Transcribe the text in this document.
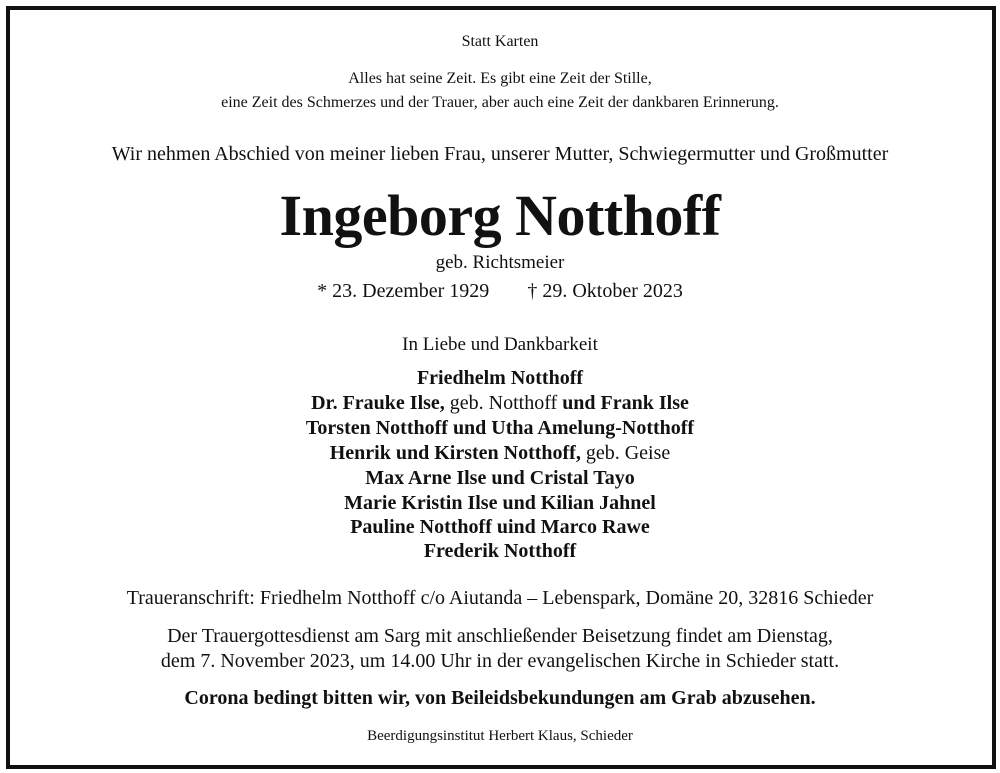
Statt Karten

Alles hat seine Zeit. Es gibt eine Zeit der Stille,

eine Zeit des Schmerzes und der Trauer, aber auch eine Zeit der dankbaren Erinnerung.

Wir nehmen Abschied von meiner lieben Frau, unserer Mutter, Schwiegermutter und Großmutter

Ingeborg Notthoff

geb. Richtsmeier

* 23. Dezember 1929 † 29. Oktober 2023

In Liebe und Dankbarkeit

Friedhelm Notthoff

Dr. Frauke Ilse, geb. Notthoff und Frank Ilse

Torsten Notthoff und Utha Amelung-Notthoff

Henrik und Kirsten Notthoff, geb. Geise

Max Arne Ilse und Cristal Tayo

Marie Kristin Ilse und Kilian Jahnel

Pauline Notthoff uind Marco Rawe

Frederik Notthoff

Traueranschrift: Friedhelm Notthoff c/o Aiutanda – Lebenspark, Domäne 20, 32816 Schieder

Der Trauergottesdienst am Sarg mit anschließender Beisetzung findet am Dienstag,

dem 7. November 2023, um 14.00 Uhr in der evangelischen Kirche in Schieder statt.

Corona bedingt bitten wir, von Beileidsbekundungen am Grab abzusehen.

Beerdigungsinstitut Herbert Klaus, Schieder
